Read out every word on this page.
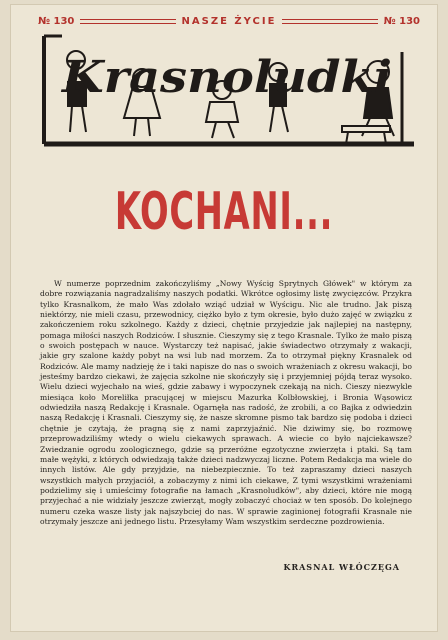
№ 130	NASZE ŻYCIE	№ 130
Krasnoludki
KOCHANI...
W numerze poprzednim zakończyliśmy „Nowy Wyścig Sprytnych Główek" w którym za dobre rozwiązania nagradzaliśmy naszych podatki. Wkrótce ogłosimy listę zwycięzców. Przykra tylko Krasnalkom, że mało Was zdołało wziąć udział w Wyścigu. Nic ale trudno. Jak piszą niektórzy, nie mieli czasu, przewodnicy, ciężko było z tym okresie, było dużo zajęć w związku z zakończeniem roku szkolnego. Każdy z dzieci, chętnie przyjedzie jak najlepiej na następny, pomaga miłości naszych Rodziców. I słusznie. Cieszymy się z tego Krasnale. Tylko że mało piszą o swoich postępach w nauce. Wystarczy też napisać, jakie świadectwo otrzymały z wakacji, jakie gry szalone każdy pobyt na wsi lub nad morzem. Za to otrzymał piękny Krasnalek od Rodziców. Ale mamy nadzieję że i taki napisze do nas o swoich wrażeniach z okresu wakacji, bo jesteśmy bardzo ciekawi, że zajęcia szkolne nie skończyły się i przyjemniej pójdą teraz wysoko. Wielu dzieci wyjechało na wieś, gdzie zabawy i wypoczynek czekają na nich. Cieszy niezwykle miesiąca koło Moreliłka pracującej w miejscu Mazurka Kolbłowskiej, i Bronia Wąsowicz odwiedziła naszą Redakcję i Krasnale. Ogarnęła nas radość, że zrobili, a co Bajka z odwiedzin naszą Redakcję i Krasnali. Cieszymy się, że nasze skromne pismo tak bardzo się podoba i dzieci chętnie je czytają, że pragną się z nami zaprzyjaźnić. Nie dziwimy się, bo rozmowę przeprowadziliśmy wtedy o wielu ciekawych sprawach. A wiecie co było najciekawsze? Zwiedzanie ogrodu zoologicznego, gdzie są przeróżne egzotyczne zwierzęta i ptaki. Są tam małe wężyki, z których odwiedzają także dzieci nadzwyczaj liczne. Potem Redakcja ma wiele do innych listów. Ale gdy przyjdzie, na niebezpiecznie. To też zapraszamy dzieci naszych wszystkich małych przyjaciół, a zobaczymy z nimi ich ciekawe, Z tymi wszystkimi wrażeniami podzielimy się i umieścimy fotografie na łamach „Krasnoludków", aby dzieci, które nie mogą przyjechać a nie widziały jeszcze zwierząt, mogły zobaczyć chociaż w ten sposób. Do kolejnego numeru czeka wasze listy jak najszybciej do nas. W sprawie zaginionej fotografii Krasnale nie otrzymały jeszcze ani jednego listu. Przesyłamy Wam wszystkim serdeczne pozdrowienia.
KRASNAL WŁÓCZĘGA
